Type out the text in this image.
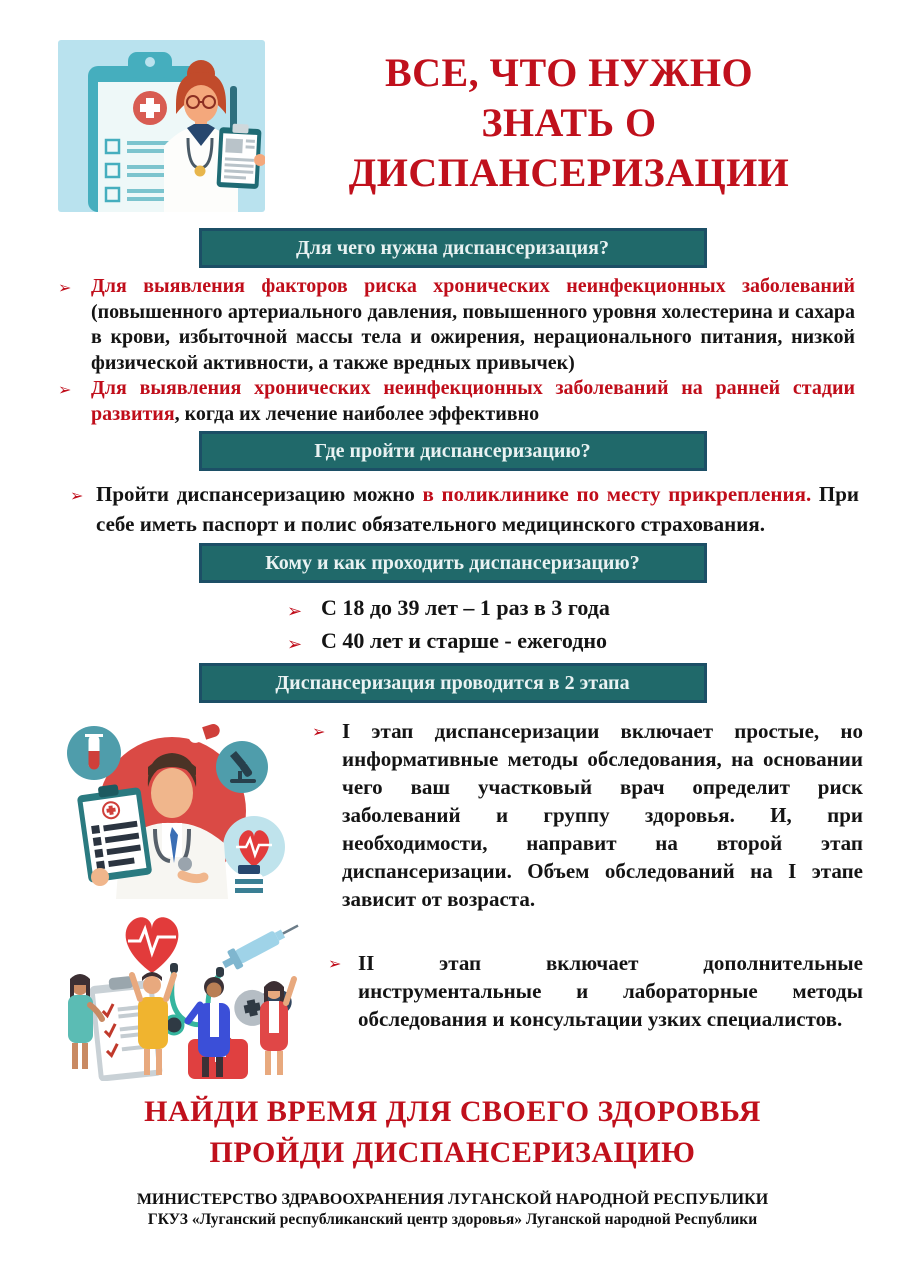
ВСЕ, ЧТО НУЖНО
ЗНАТЬ О
ДИСПАНСЕРИЗАЦИИ
Для чего нужна диспансеризация?
➢ Для выявления факторов риска хронических неинфекционных заболеваний (повышенного артериального давления, повышенного уровня холестерина и сахара в крови, избыточной массы тела и ожирения, нерационального питания, низкой физической активности, а также вредных привычек)
➢ Для выявления хронических неинфекционных заболеваний на ранней стадии развития, когда их лечение наиболее эффективно
Где пройти диспансеризацию?
➢ Пройти диспансеризацию можно в поликлинике по месту прикрепления. При себе иметь паспорт и полис обязательного медицинского страхования.
Кому и как проходить диспансеризацию?
➢ С 18 до 39 лет – 1 раз в 3 года
➢ С 40 лет и старше - ежегодно
Диспансеризация проводится в 2 этапа
➢ I этап диспансеризации включает простые, но информативные методы обследования, на основании чего ваш участковый врач определит риск заболеваний и группу здоровья. И, при необходимости, направит на второй этап диспансеризации. Объем обследований на I этапе зависит от возраста.
➢ II этап включает дополнительные инструментальные и лабораторные методы обследования и консультации узких специалистов.
НАЙДИ ВРЕМЯ ДЛЯ СВОЕГО ЗДОРОВЬЯ
ПРОЙДИ ДИСПАНСЕРИЗАЦИЮ
МИНИСТЕРСТВО ЗДРАВООХРАНЕНИЯ ЛУГАНСКОЙ НАРОДНОЙ РЕСПУБЛИКИ
ГКУЗ «Луганский республиканский центр здоровья» Луганской народной Республики
